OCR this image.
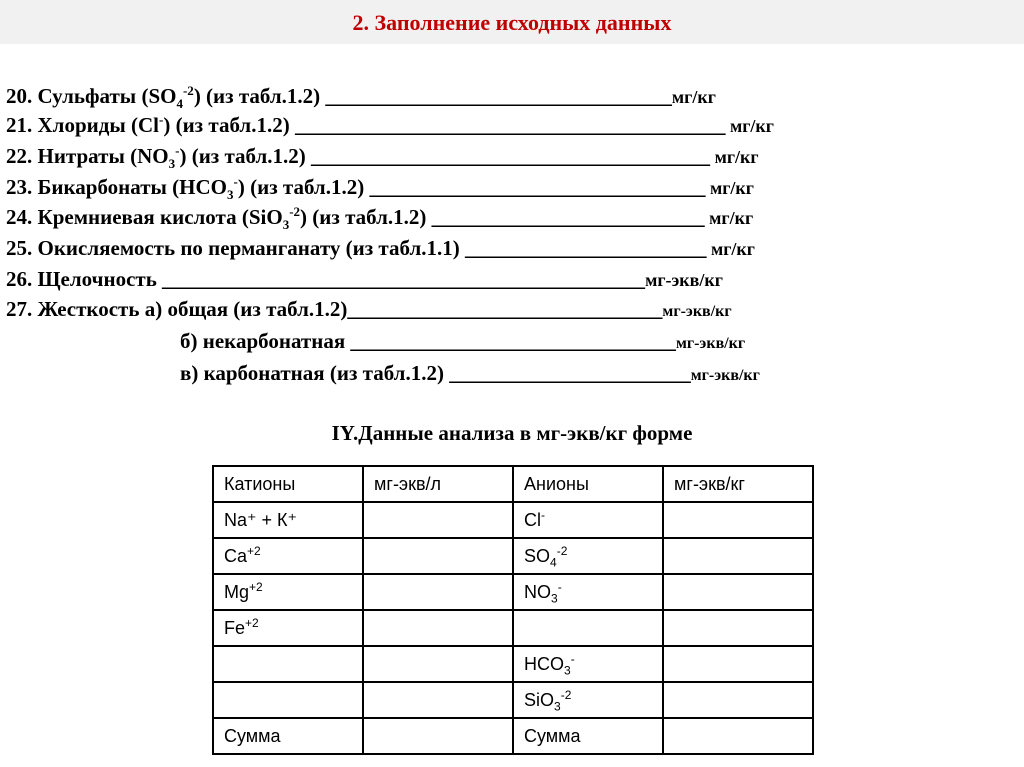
2. Заполнение исходных данных
20. Сульфаты $(SO_4^{-2})$ (из табл.1.2) _________________________________мг/кг
21. Хлориды (Cl-) (из табл.1.2) _________________________________________ мг/кг
22. Нитраты $(NO_3^-)$ (из табл.1.2) ______________________________________ мг/кг
23. Бикарбонаты $(HCO_3^-)$ (из табл.1.2) ________________________________ мг/кг
24. Кремниевая кислота (SiO$_3^{-2}$) (из табл.1.2) __________________________ мг/кг
25. Окисляемость по перманганату (из табл.1.1) _______________________ мг/кг
26. Щелочность ______________________________________________мг-экв/кг
27. Жесткость а) общая (из табл.1.2)______________________________мг-экв/кг
б) некарбонатная _______________________________мг-экв/кг
в) карбонатная (из табл.1.2) _______________________мг-экв/кг
IY.Данные анализа в мг-экв/кг форме
Катионы	мг-экв/л	Анионы	мг-экв/кг
Na⁺ + К⁺		Cl-	
$Ca^{+2}$		$SO_4^{-2}$	
$Mg^{+2}$		$NO_3^-$	
$Fe^{+2}$			
		$HCO_3^-$	
		SiO$_3^{-2}$	
Сумма		Сумма	
